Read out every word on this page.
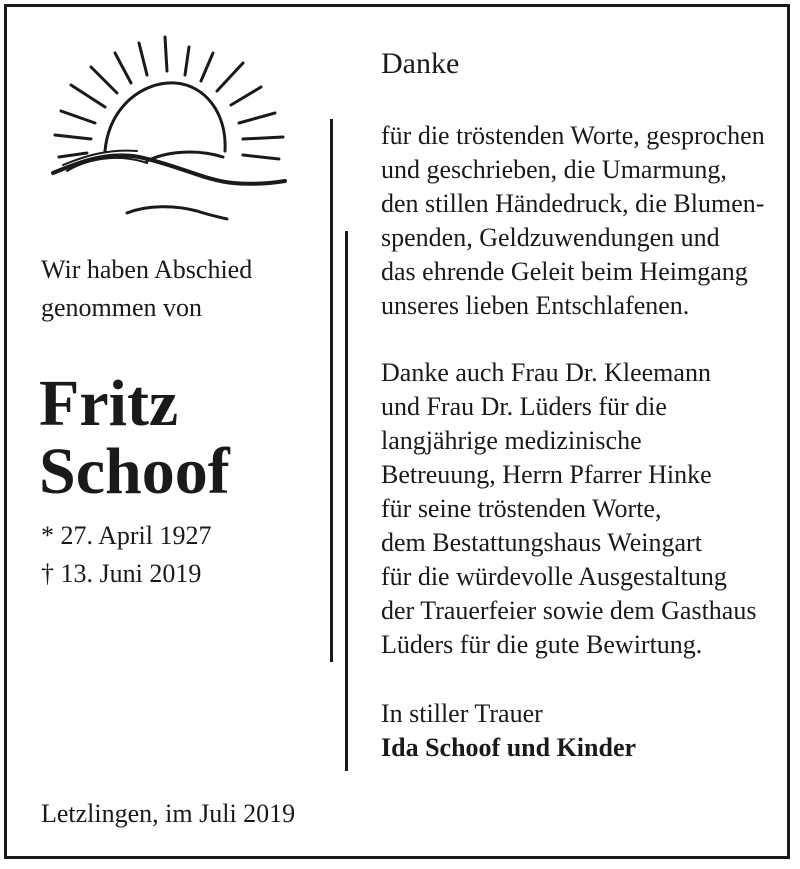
Wir haben Abschied
genommen von
Fritz
Schoof
* 27. April 1927
† 13. Juni 2019
Letzlingen, im Juli 2019
Danke
für die tröstenden Worte, gesprochen
und geschrieben, die Umarmung,
den stillen Händedruck, die Blumen-
spenden, Geldzuwendungen und
das ehrende Geleit beim Heimgang
unseres lieben Entschlafenen.
Danke auch Frau Dr. Kleemann
und Frau Dr. Lüders für die
langjährige medizinische
Betreuung, Herrn Pfarrer Hinke
für seine tröstenden Worte,
dem Bestattungshaus Weingart
für die würdevolle Ausgestaltung
der Trauerfeier sowie dem Gasthaus
Lüders für die gute Bewirtung.
In stiller Trauer
Ida Schoof und Kinder
